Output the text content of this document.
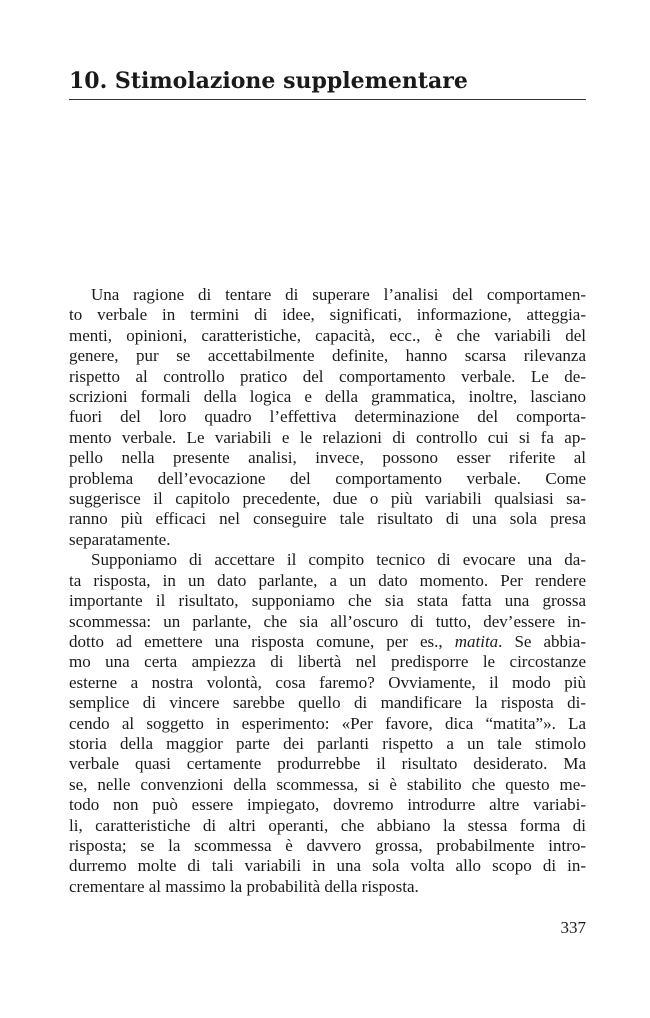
10. Stimolazione supplementare
Una ragione di tentare di superare l’analisi del comportamen-
to verbale in termini di idee, significati, informazione, atteggia-
menti, opinioni, caratteristiche, capacità, ecc., è che variabili del
genere, pur se accettabilmente definite, hanno scarsa rilevanza
rispetto al controllo pratico del comportamento verbale. Le de-
scrizioni formali della logica e della grammatica, inoltre, lasciano
fuori del loro quadro l’effettiva determinazione del comporta-
mento verbale. Le variabili e le relazioni di controllo cui si fa ap-
pello nella presente analisi, invece, possono esser riferite al
problema dell’evocazione del comportamento verbale. Come
suggerisce il capitolo precedente, due o più variabili qualsiasi sa-
ranno più efficaci nel conseguire tale risultato di una sola presa
separatamente.
Supponiamo di accettare il compito tecnico di evocare una da-
ta risposta, in un dato parlante, a un dato momento. Per rendere
importante il risultato, supponiamo che sia stata fatta una grossa
scommessa: un parlante, che sia all’oscuro di tutto, dev’essere in-
dotto ad emettere una risposta comune, per es., matita. Se abbia-
mo una certa ampiezza di libertà nel predisporre le circostanze
esterne a nostra volontà, cosa faremo? Ovviamente, il modo più
semplice di vincere sarebbe quello di mandificare la risposta di-
cendo al soggetto in esperimento: «Per favore, dica “matita”». La
storia della maggior parte dei parlanti rispetto a un tale stimolo
verbale quasi certamente produrrebbe il risultato desiderato. Ma
se, nelle convenzioni della scommessa, si è stabilito che questo me-
todo non può essere impiegato, dovremo introdurre altre variabi-
li, caratteristiche di altri operanti, che abbiano la stessa forma di
risposta; se la scommessa è davvero grossa, probabilmente intro-
durremo molte di tali variabili in una sola volta allo scopo di in-
crementare al massimo la probabilità della risposta.
337
